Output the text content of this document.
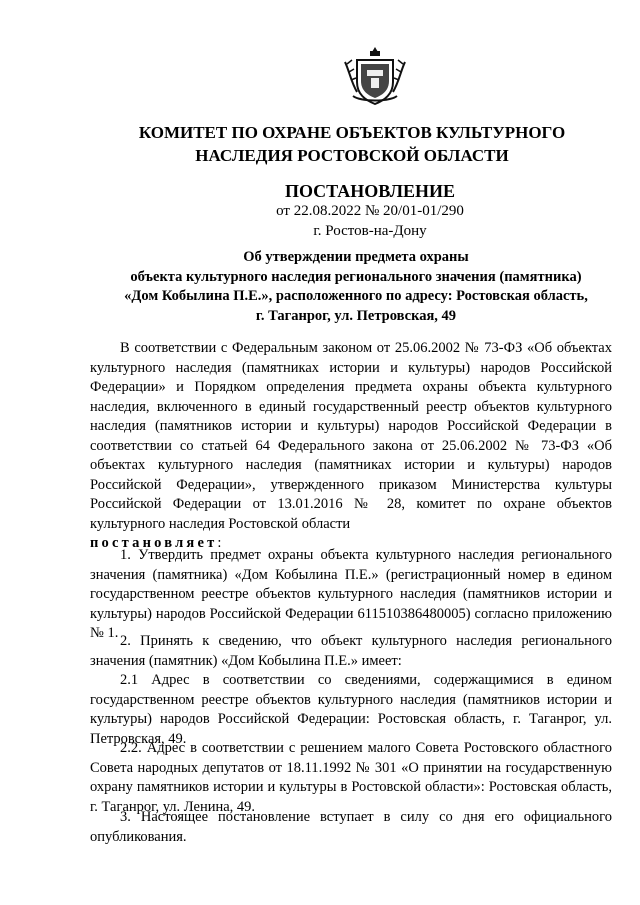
КОМИТЕТ ПО ОХРАНЕ ОБЪЕКТОВ КУЛЬТУРНОГО
НАСЛЕДИЯ РОСТОВСКОЙ ОБЛАСТИ
ПОСТАНОВЛЕНИЕ
от 22.08.2022 № 20/01-01/290
г. Ростов-на-Дону
Об утверждении предмета охраны
объекта культурного наследия регионального значения (памятника)
«Дом Кобылина П.Е.», расположенного по адресу: Ростовская область,
г. Таганрог, ул. Петровская, 49
В соответствии с Федеральным законом от 25.06.2002 № 73-ФЗ «Об объектах культурного наследия (памятниках истории и культуры) народов Российской Федерации» и Порядком определения предмета охраны объекта культурного наследия, включенного в единый государственный реестр объектов культурного наследия (памятников истории и культуры) народов Российской Федерации в соответствии со статьей 64 Федерального закона от 25.06.2002 № 73-ФЗ «Об объектах культурного наследия (памятниках истории и культуры) народов Российской Федерации», утвержденного приказом Министерства культуры Российской Федерации от 13.01.2016 № 28, комитет по охране объектов культурного наследия Ростовской области
постановляет:
1. Утвердить предмет охраны объекта культурного наследия регионального значения (памятника) «Дом Кобылина П.Е.» (регистрационный номер в едином государственном реестре объектов культурного наследия (памятников истории и культуры) народов Российской Федерации 611510386480005) согласно приложению № 1. 2. Принять к сведению, что объект культурного наследия регионального значения (памятник) «Дом Кобылина П.Е.» имеет:
2.1 Адрес в соответствии со сведениями, содержащимися в едином государственном реестре объектов культурного наследия (памятников истории и культуры) народов Российской Федерации: Ростовская область, г. Таганрог, ул. Петровская, 49.
2.2. Адрес в соответствии с решением малого Совета Ростовского областного Совета народных депутатов от 18.11.1992 № 301 «О принятии на государственную охрану памятников истории и культуры в Ростовской области»: Ростовская область, г. Таганрог, ул. Ленина, 49.
3. Настоящее постановление вступает в силу со дня его официального опубликования.
